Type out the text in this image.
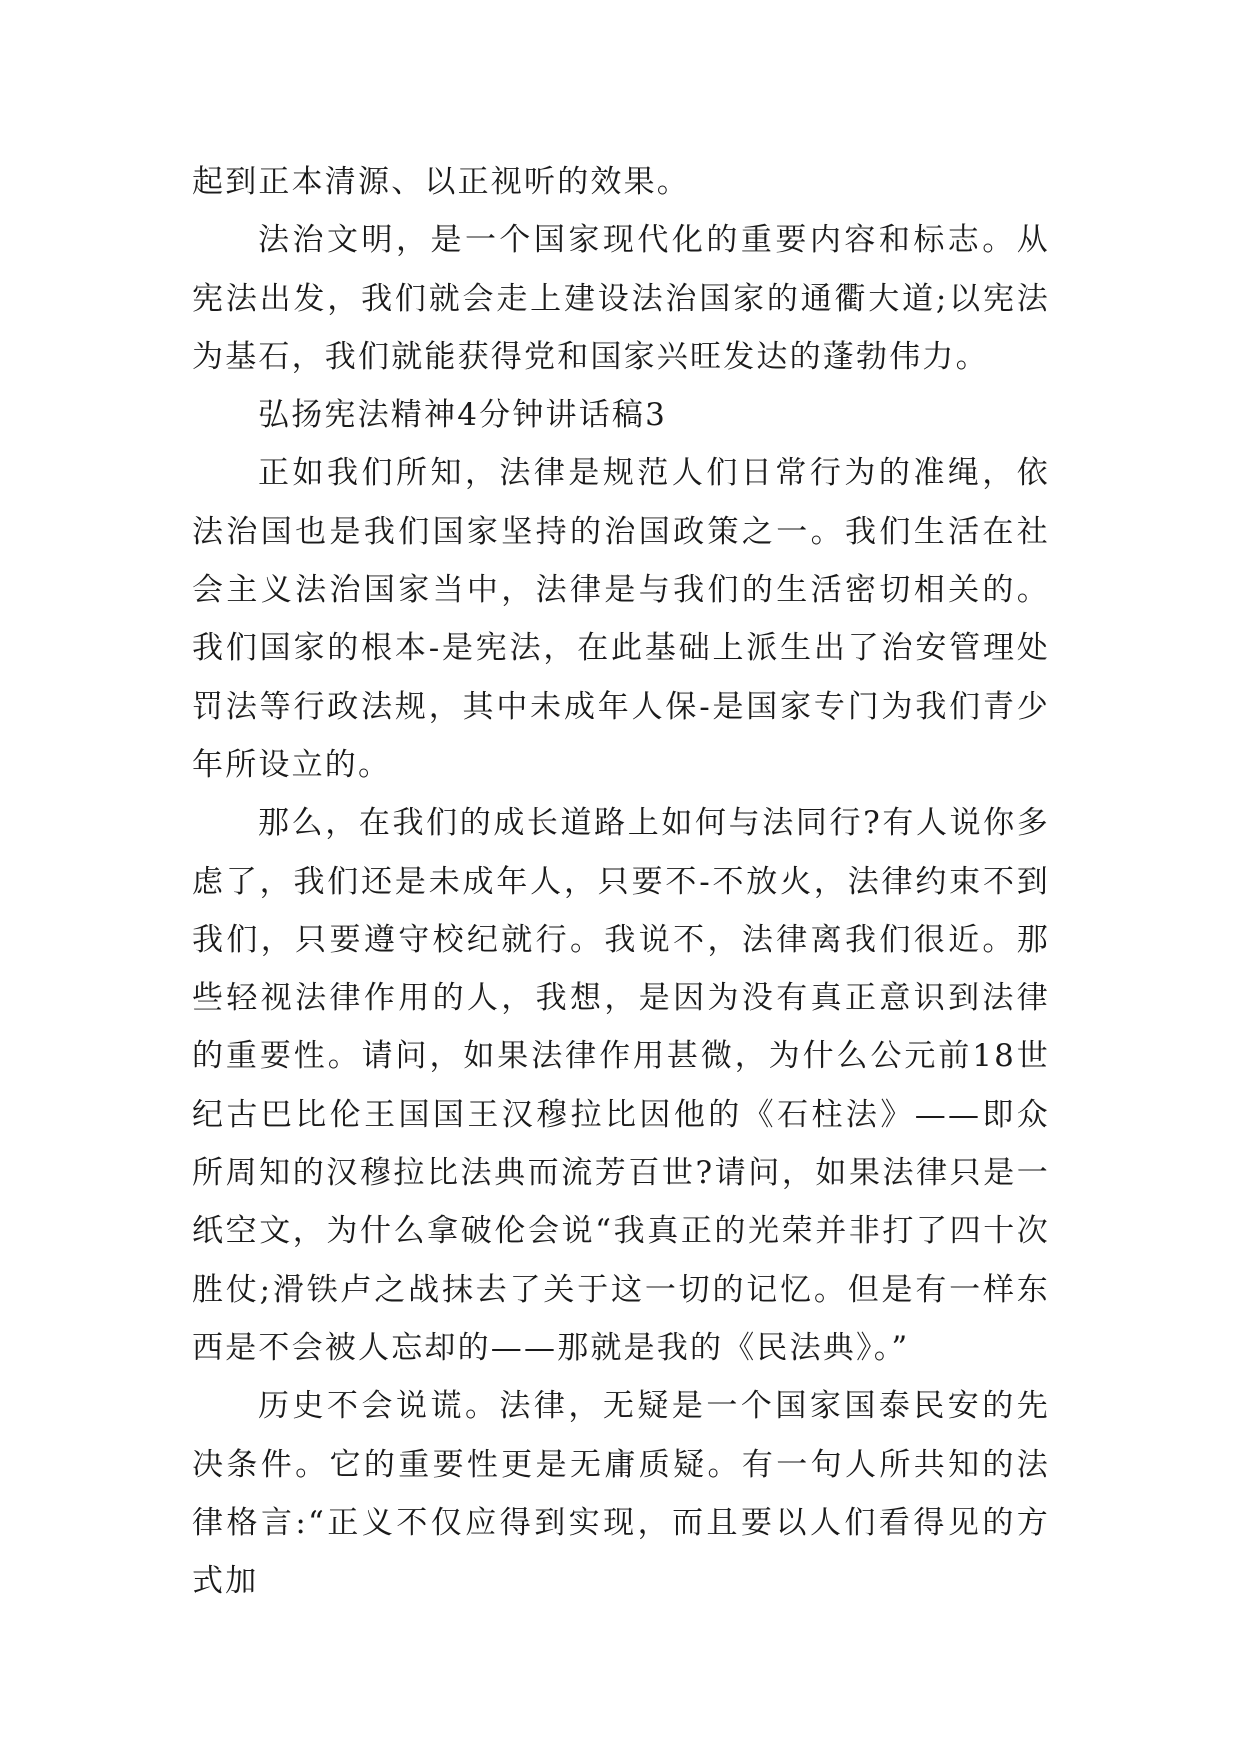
起到正本清源、以正视听的效果。

法治文明，是一个国家现代化的重要内容和标志。从宪法出发，我们就会走上建设法治国家的通衢大道;以宪法为基石，我们就能获得党和国家兴旺发达的蓬勃伟力。

弘扬宪法精神4分钟讲话稿3

正如我们所知，法律是规范人们日常行为的准绳，依法治国也是我们国家坚持的治国政策之一。我们生活在社会主义法治国家当中，法律是与我们的生活密切相关的。我们国家的根本-是宪法，在此基础上派生出了治安管理处罚法等行政法规，其中未成年人保-是国家专门为我们青少年所设立的。

那么，在我们的成长道路上如何与法同行?有人说你多虑了，我们还是未成年人，只要不-不放火，法律约束不到我们，只要遵守校纪就行。我说不，法律离我们很近。那些轻视法律作用的人，我想，是因为没有真正意识到法律的重要性。请问，如果法律作用甚微，为什么公元前18世纪古巴比伦王国国王汉穆拉比因他的《石柱法》——即众所周知的汉穆拉比法典而流芳百世?请问，如果法律只是一纸空文，为什么拿破伦会说“我真正的光荣并非打了四十次胜仗;滑铁卢之战抹去了关于这一切的记忆。但是有一样东西是不会被人忘却的——那就是我的《民法典》。”

历史不会说谎。法律，无疑是一个国家国泰民安的先决条件。它的重要性更是无庸质疑。有一句人所共知的法律格言:“正义不仅应得到实现，而且要以人们看得见的方式加
